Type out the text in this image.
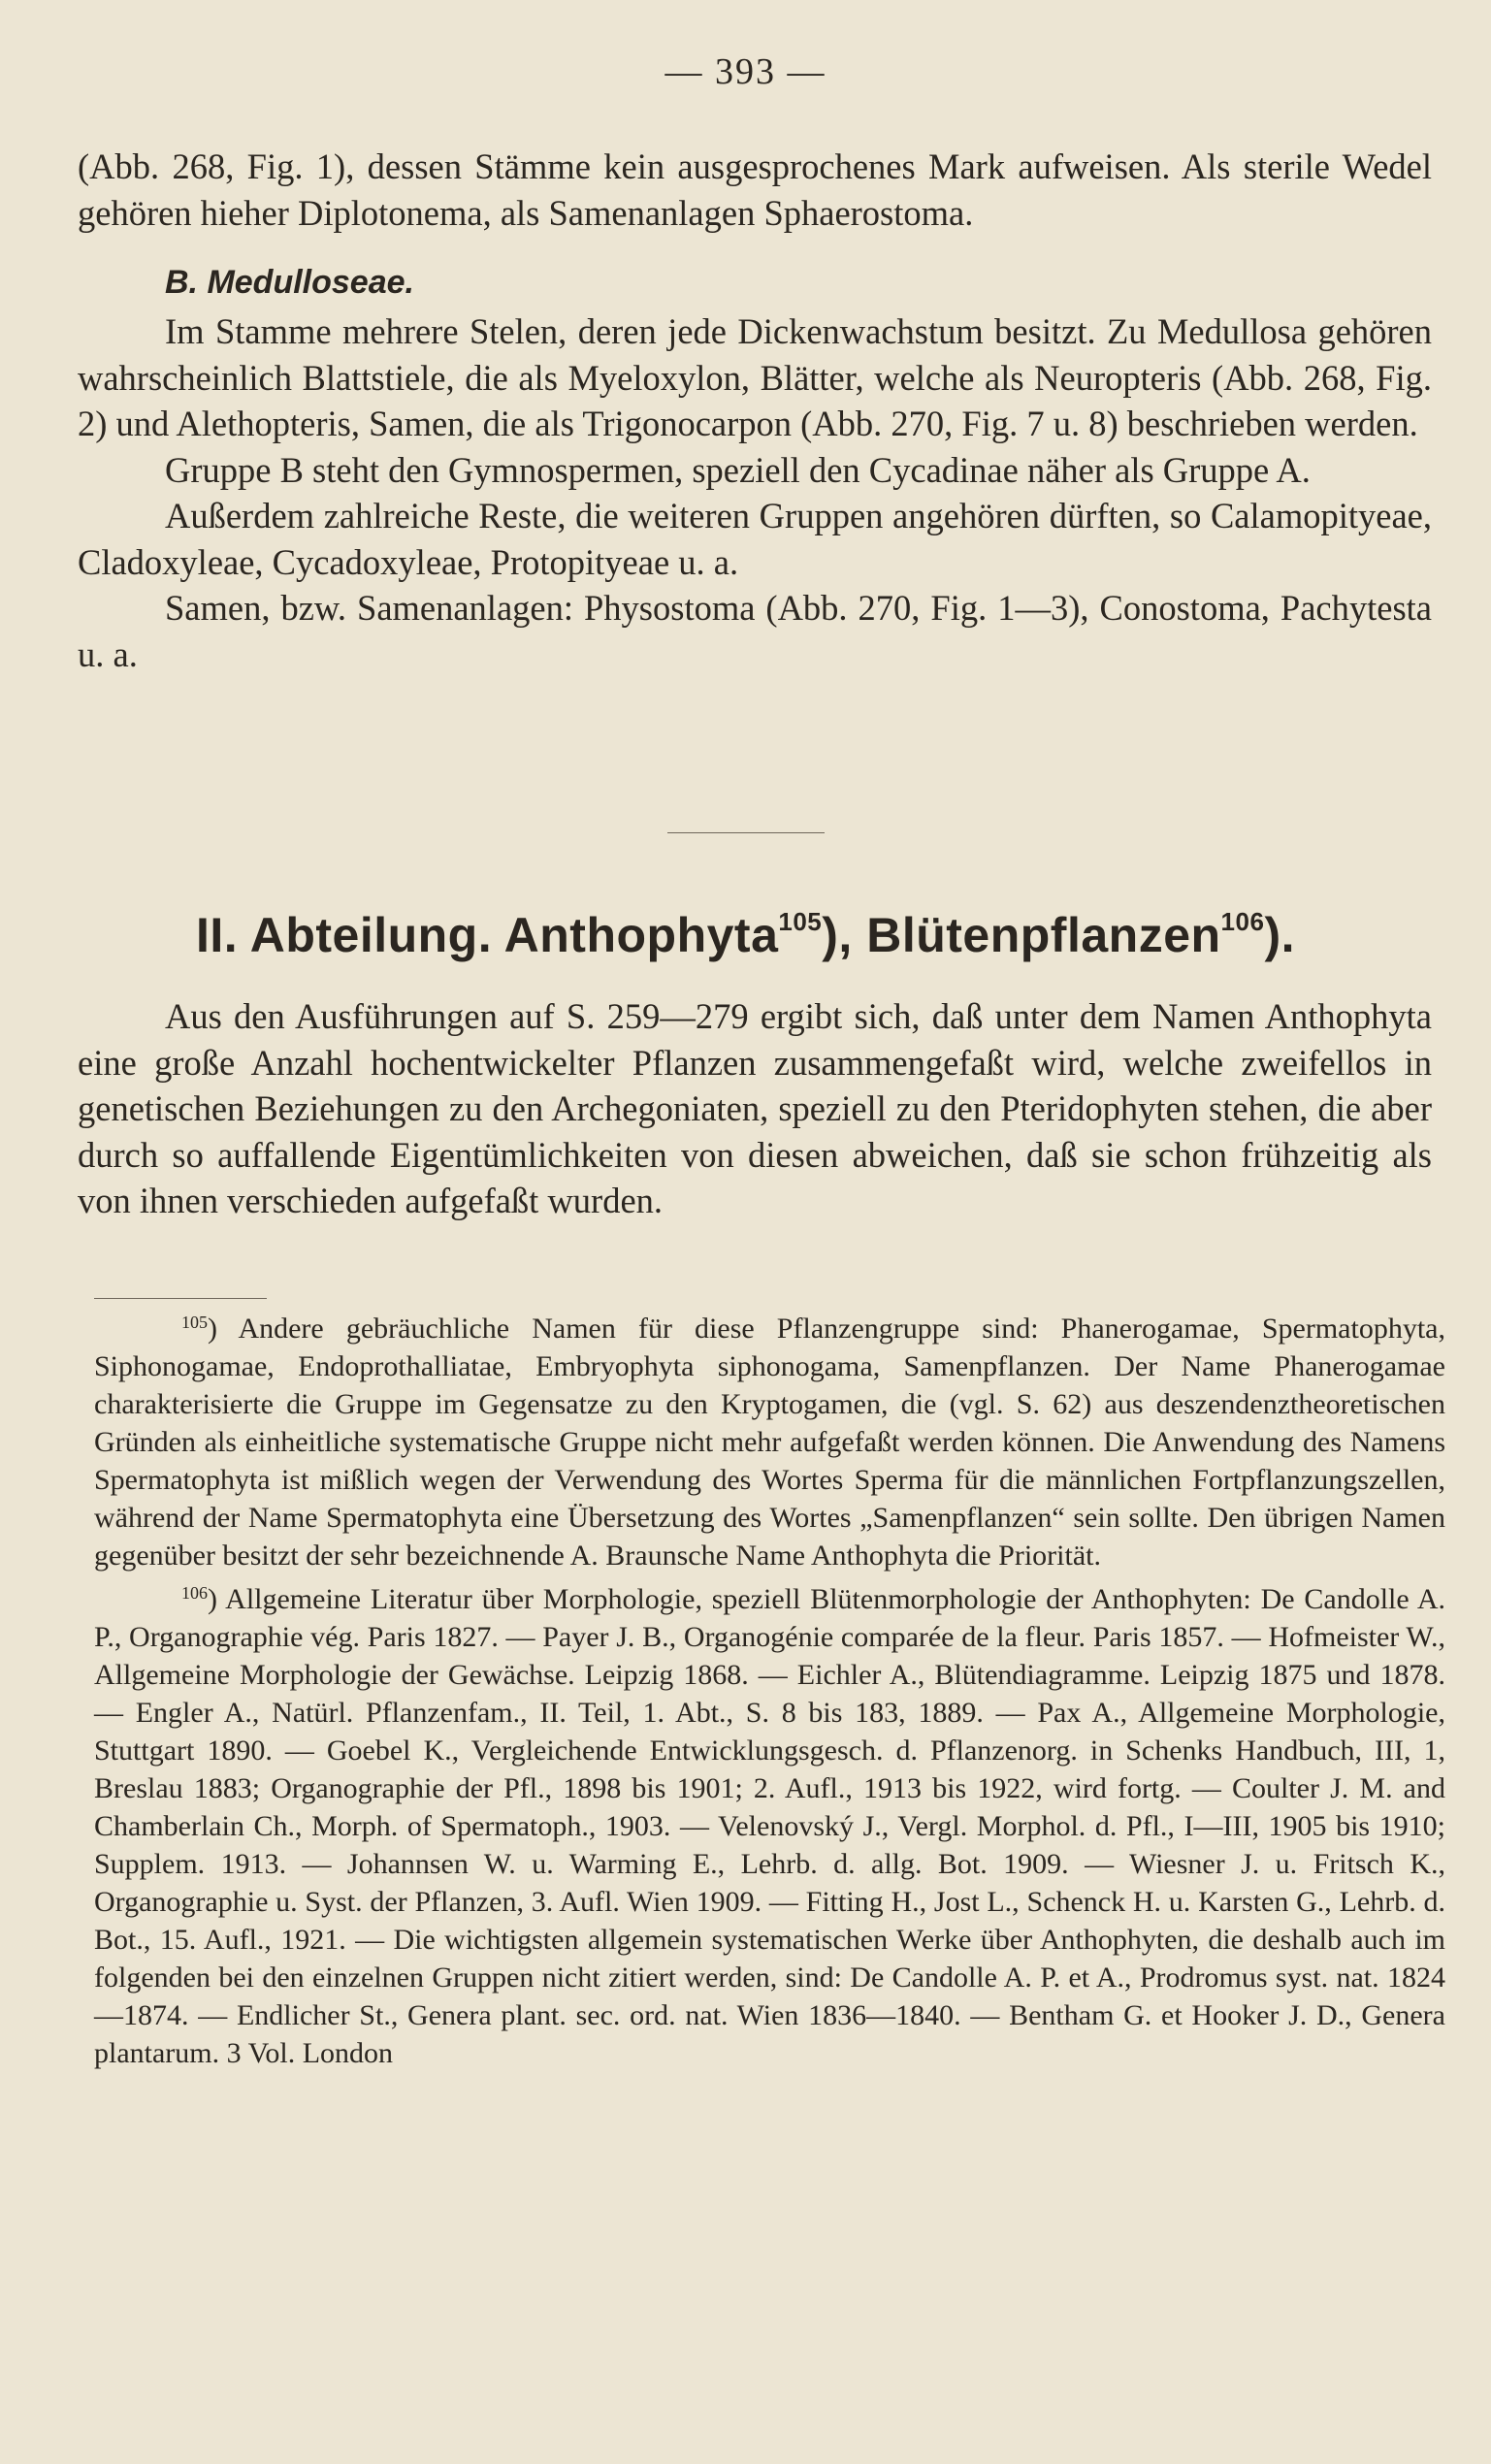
— 393 —

(Abb. 268, Fig. 1), dessen Stämme kein ausgesprochenes Mark aufweisen. Als sterile Wedel gehören hieher Diplotonema, als Samenanlagen Sphaerostoma.

B. Medulloseae.

Im Stamme mehrere Stelen, deren jede Dickenwachstum besitzt. Zu Medullosa gehören wahrscheinlich Blattstiele, die als Myeloxylon, Blätter, welche als Neuropteris (Abb. 268, Fig. 2) und Alethopteris, Samen, die als Trigonocarpon (Abb. 270, Fig. 7 u. 8) beschrieben werden.

Gruppe B steht den Gymnospermen, speziell den Cycadinae näher als Gruppe A.

Außerdem zahlreiche Reste, die weiteren Gruppen angehören dürften, so Calamopityeae, Cladoxyleae, Cycadoxyleae, Protopityeae u. a.

Samen, bzw. Samenanlagen: Physostoma (Abb. 270, Fig. 1—3), Conostoma, Pachytesta u. a.

II. Abteilung. Anthophyta$^{105}$), Blütenpflanzen$^{106}$).

Aus den Ausführungen auf S. 259—279 ergibt sich, daß unter dem Namen Anthophyta eine große Anzahl hochentwickelter Pflanzen zusammengefaßt wird, welche zweifellos in genetischen Beziehungen zu den Archegoniaten, speziell zu den Pteridophyten stehen, die aber durch so auffallende Eigentümlichkeiten von diesen abweichen, daß sie schon frühzeitig als von ihnen verschieden aufgefaßt wurden.

$^{105}$) Andere gebräuchliche Namen für diese Pflanzengruppe sind: Phanerogamae, Spermatophyta, Siphonogamae, Endoprothalliatae, Embryophyta siphonogama, Samenpflanzen. Der Name Phanerogamae charakterisierte die Gruppe im Gegensatze zu den Kryptogamen, die (vgl. S. 62) aus deszendenztheoretischen Gründen als einheitliche systematische Gruppe nicht mehr aufgefaßt werden können. Die Anwendung des Namens Spermatophyta ist mißlich wegen der Verwendung des Wortes Sperma für die männlichen Fortpflanzungszellen, während der Name Spermatophyta eine Übersetzung des Wortes „Samenpflanzen“ sein sollte. Den übrigen Namen gegenüber besitzt der sehr bezeichnende A. Braunsche Name Anthophyta die Priorität.

$^{106}$) Allgemeine Literatur über Morphologie, speziell Blütenmorphologie der Anthophyten: De Candolle A. P., Organographie vég. Paris 1827. — Payer J. B., Organogénie comparée de la fleur. Paris 1857. — Hofmeister W., Allgemeine Morphologie der Gewächse. Leipzig 1868. — Eichler A., Blütendiagramme. Leipzig 1875 und 1878. — Engler A., Natürl. Pflanzenfam., II. Teil, 1. Abt., S. 8 bis 183, 1889. — Pax A., Allgemeine Morphologie, Stuttgart 1890. — Goebel K., Vergleichende Entwicklungsgesch. d. Pflanzenorg. in Schenks Handbuch, III, 1, Breslau 1883; Organographie der Pfl., 1898 bis 1901; 2. Aufl., 1913 bis 1922, wird fortg. — Coulter J. M. and Chamberlain Ch., Morph. of Spermatoph., 1903. — Velenovský J., Vergl. Morphol. d. Pfl., I—III, 1905 bis 1910; Supplem. 1913. — Johannsen W. u. Warming E., Lehrb. d. allg. Bot. 1909. — Wiesner J. u. Fritsch K., Organographie u. Syst. der Pflanzen, 3. Aufl. Wien 1909. — Fitting H., Jost L., Schenck H. u. Karsten G., Lehrb. d. Bot., 15. Aufl., 1921. — Die wichtigsten allgemein systematischen Werke über Anthophyten, die deshalb auch im folgenden bei den einzelnen Gruppen nicht zitiert werden, sind: De Candolle A. P. et A., Prodromus syst. nat. 1824—1874. — Endlicher St., Genera plant. sec. ord. nat. Wien 1836—1840. — Bentham G. et Hooker J. D., Genera plantarum. 3 Vol. London
